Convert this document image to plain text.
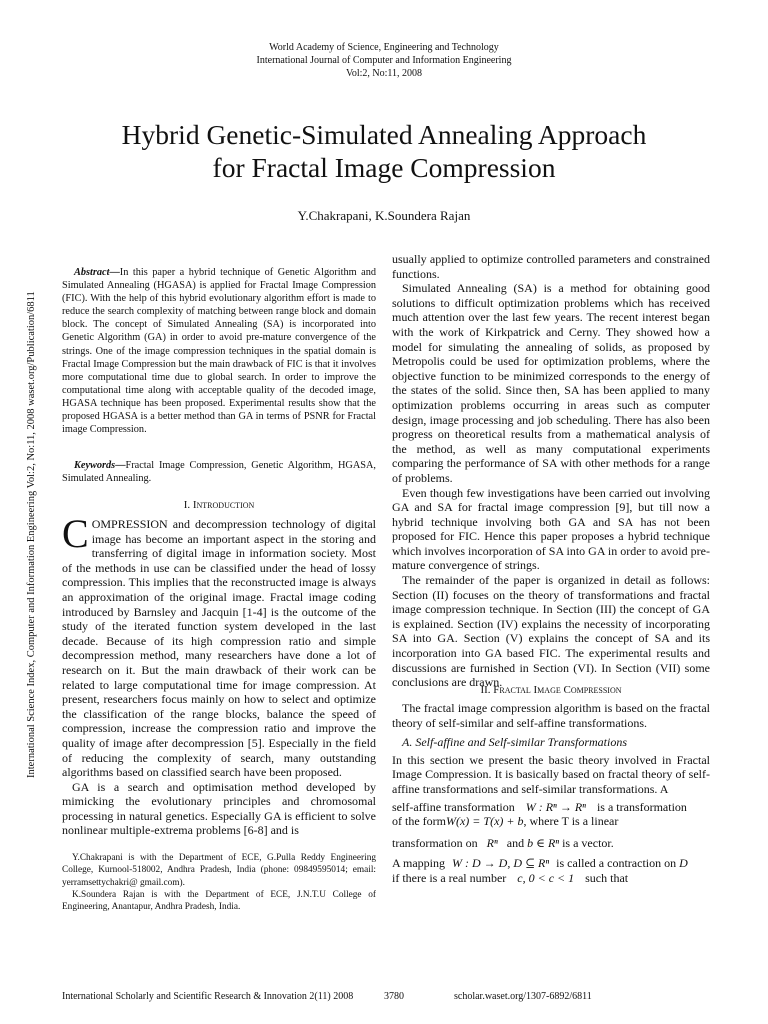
World Academy of Science, Engineering and Technology
International Journal of Computer and Information Engineering
Vol:2, No:11, 2008
Hybrid Genetic-Simulated Annealing Approach
for Fractal Image Compression
Y.Chakrapani, K.Soundera Rajan
International Science Index, Computer and Information Engineering Vol:2, No:11, 2008 waset.org/Publication/6811
Abstract—In this paper a hybrid technique of Genetic Algorithm and Simulated Annealing (HGASA) is applied for Fractal Image Compression (FIC). With the help of this hybrid evolutionary algorithm effort is made to reduce the search complexity of matching between range block and domain block. The concept of Simulated Annealing (SA) is incorporated into Genetic Algorithm (GA) in order to avoid pre-mature convergence of the strings. One of the image compression techniques in the spatial domain is Fractal Image Compression but the main drawback of FIC is that it involves more computational time due to global search. In order to improve the computational time along with acceptable quality of the decoded image, HGASA technique has been proposed. Experimental results show that the proposed HGASA is a better method than GA in terms of PSNR for Fractal image Compression.
Keywords—Fractal Image Compression, Genetic Algorithm, HGASA, Simulated Annealing.
I. Introduction

COMPRESSION and decompression technology of digital image has become an important aspect in the storing and transferring of digital image in information society. Most of the methods in use can be classified under the head of lossy compression. This implies that the reconstructed image is always an approximation of the original image. Fractal image coding introduced by Barnsley and Jacquin [1-4] is the outcome of the study of the iterated function system developed in the last decade. Because of its high compression ratio and simple decompression method, many researchers have done a lot of research on it. But the main drawback of their work can be related to large computational time for image compression. At present, researchers focus mainly on how to select and optimize the classification of the range blocks, balance the speed of compression, increase the compression ratio and improve the quality of image after decompression [5]. Especially in the field of reducing the complexity of search, many outstanding algorithms based on classified search have been proposed.

GA is a search and optimisation method developed by mimicking the evolutionary principles and chromosomal processing in natural genetics. Especially GA is efficient to solve nonlinear multiple-extrema problems [6-8] and is

Y.Chakrapani is with the Department of ECE, G.Pulla Reddy Engineering College, Kurnool-518002, Andhra Pradesh, India (phone: 09849595014; email: yerramsettychakri@ gmail.com).

K.Soundera Rajan is with the Department of ECE, J.N.T.U College of Engineering, Anantapur, Andhra Pradesh, India.

usually applied to optimize controlled parameters and constrained functions.

Simulated Annealing (SA) is a method for obtaining good solutions to difficult optimization problems which has received much attention over the last few years. The recent interest began with the work of Kirkpatrick and Cerny. They showed how a model for simulating the annealing of solids, as proposed by Metropolis could be used for optimization problems, where the objective function to be minimized corresponds to the energy of the states of the solid. Since then, SA has been applied to many optimization problems occurring in areas such as computer design, image processing and job scheduling. There has also been progress on theoretical results from a mathematical analysis of the method, as well as many computational experiments comparing the performance of SA with other methods for a range of problems.

Even though few investigations have been carried out involving GA and SA for fractal image compression [9], but till now a hybrid technique involving both GA and SA has not been proposed for FIC. Hence this paper proposes a hybrid technique which involves incorporation of SA into GA in order to avoid pre-mature convergence of strings.

The remainder of the paper is organized in detail as follows: Section (II) focuses on the theory of transformations and fractal image compression technique. In Section (III) the concept of GA is explained. Section (IV) explains the necessity of incorporating SA into GA. Section (V) explains the concept of SA and its incorporation into GA based FIC. The experimental results and discussions are furnished in Section (VI). In Section (VII) some conclusions are drawn.

II. Fractal Image Compression

The fractal image compression algorithm is based on the fractal theory of self-similar and self-affine transformations.

A. Self-affine and Self-similar Transformations

In this section we present the basic theory involved in Fractal Image Compression. It is basically based on fractal theory of self-affine transformations and self-similar transformations. A

self-affine transformation W : Rⁿ → Rⁿ is a transformation

of the formW(x) = T(x) + b, where T is a linear

transformation on Rⁿ and b ∈ Rⁿ is a vector.

A mapping W : D → D, D ⊆ Rⁿ is called a contraction on D

if there is a real number c, 0 < c < 1 such that

International Scholarly and Scientific Research & Innovation 2(11) 2008	3780	scholar.waset.org/1307-6892/6811
